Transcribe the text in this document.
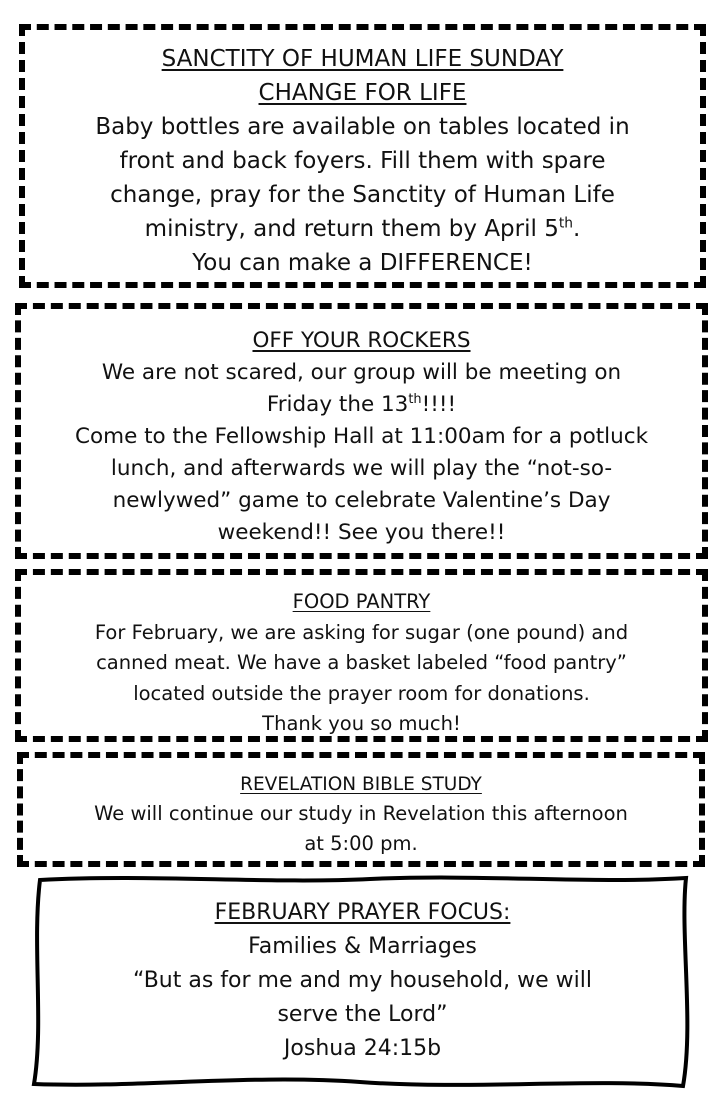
SANCTITY OF HUMAN LIFE SUNDAY
CHANGE FOR LIFE
Baby bottles are available on tables located in
front and back foyers. Fill them with spare
change, pray for the Sanctity of Human Life
ministry, and return them by April 5th.
You can make a DIFFERENCE!
OFF YOUR ROCKERS
We are not scared, our group will be meeting on
Friday the 13th!!!!
Come to the Fellowship Hall at 11:00am for a potluck
lunch, and afterwards we will play the “not-so-
newlywed” game to celebrate Valentine’s Day
weekend!! See you there!!
FOOD PANTRY
For February, we are asking for sugar (one pound) and
canned meat. We have a basket labeled “food pantry”
located outside the prayer room for donations.
Thank you so much!
REVELATION BIBLE STUDY
We will continue our study in Revelation this afternoon
at 5:00 pm.
FEBRUARY PRAYER FOCUS:
Families & Marriages
“But as for me and my household, we will
serve the Lord”
Joshua 24:15b
